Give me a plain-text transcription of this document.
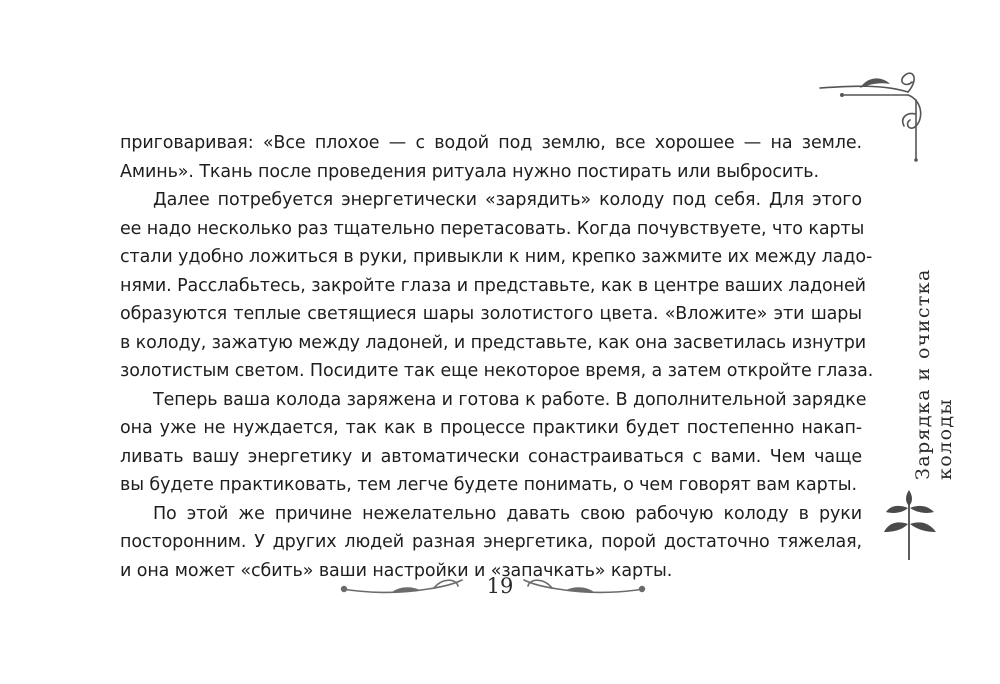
приговаривая: «Все плохое — с водой под землю, все хорошее — на земле.
Аминь». Ткань после проведения ритуала нужно постирать или выбросить.

Далее потребуется энергетически «зарядить» колоду под себя. Для этого
ее надо несколько раз тщательно перетасовать. Когда почувствуете, что карты
стали удобно ложиться в руки, привыкли к ним, крепко зажмите их между ладо-
нями. Расслабьтесь, закройте глаза и представьте, как в центре ваших ладоней
образуются теплые светящиеся шары золотистого цвета. «Вложите» эти шары
в колоду, зажатую между ладоней, и представьте, как она засветилась изнутри
золотистым светом. Посидите так еще некоторое время, а затем откройте глаза.

Теперь ваша колода заряжена и готова к работе. В дополнительной зарядке
она уже не нуждается, так как в процессе практики будет постепенно накап-
ливать вашу энергетику и автоматически сонастраиваться с вами. Чем чаще
вы будете практиковать, тем легче будете понимать, о чем говорят вам карты.

По этой же причине нежелательно давать свою рабочую колоду в руки
посторонним. У других людей разная энергетика, порой достаточно тяжелая,
и она может «сбить» ваши настройки и «запачкать» карты.

Зарядка и очистка колоды
19
